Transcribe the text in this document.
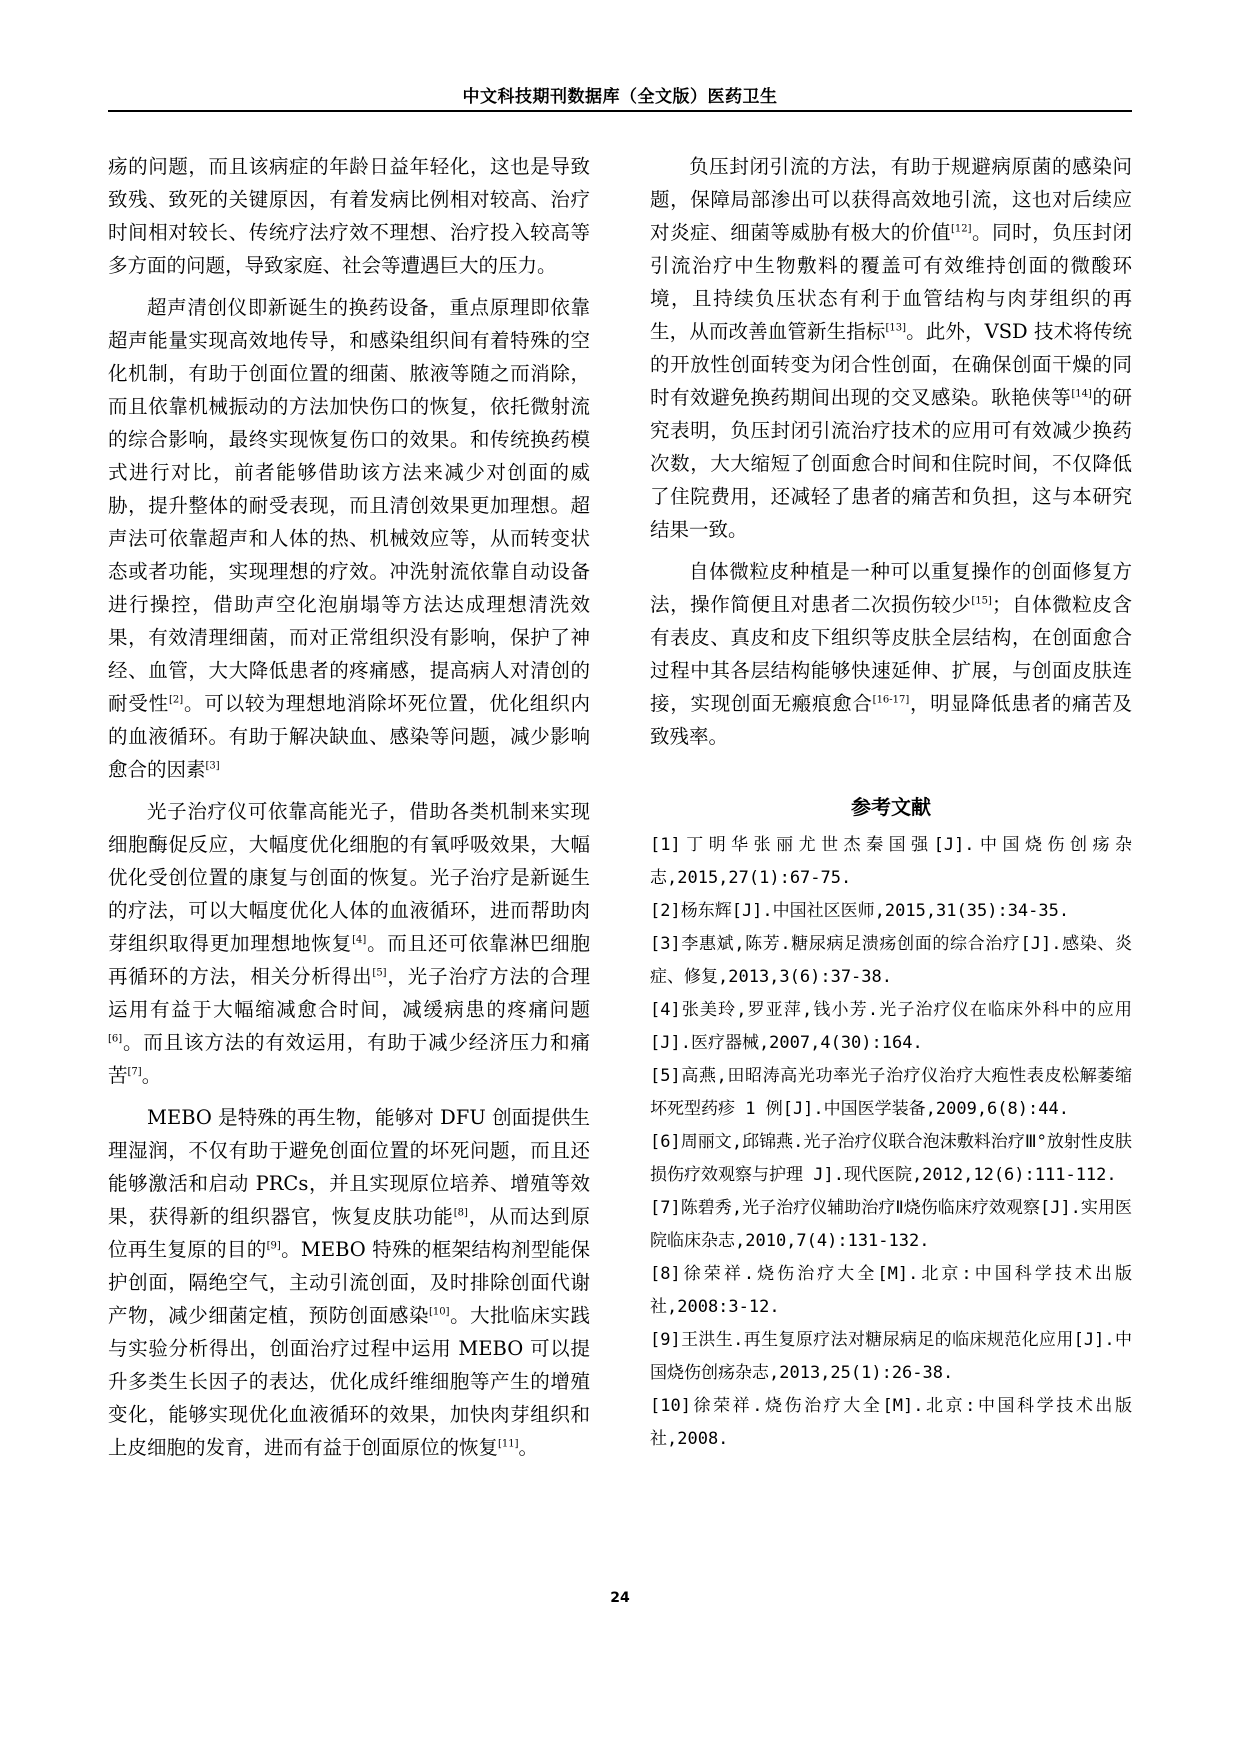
中文科技期刊数据库（全文版）医药卫生

疡的问题，而且该病症的年龄日益年轻化，这也是导致致残、致死的关键原因，有着发病比例相对较高、治疗时间相对较长、传统疗法疗效不理想、治疗投入较高等多方面的问题，导致家庭、社会等遭遇巨大的压力。

超声清创仪即新诞生的换药设备，重点原理即依靠超声能量实现高效地传导，和感染组织间有着特殊的空化机制，有助于创面位置的细菌、脓液等随之而消除，而且依靠机械振动的方法加快伤口的恢复，依托微射流的综合影响，最终实现恢复伤口的效果。和传统换药模式进行对比，前者能够借助该方法来减少对创面的威胁，提升整体的耐受表现，而且清创效果更加理想。超声法可依靠超声和人体的热、机械效应等，从而转变状态或者功能，实现理想的疗效。冲洗射流依靠自动设备进行操控，借助声空化泡崩塌等方法达成理想清洗效果，有效清理细菌，而对正常组织没有影响，保护了神经、血管，大大降低患者的疼痛感，提高病人对清创的耐受性[2]。可以较为理想地消除坏死位置，优化组织内的血液循环。有助于解决缺血、感染等问题，减少影响愈合的因素[3]

光子治疗仪可依靠高能光子，借助各类机制来实现细胞酶促反应，大幅度优化细胞的有氧呼吸效果，大幅优化受创位置的康复与创面的恢复。光子治疗是新诞生的疗法，可以大幅度优化人体的血液循环，进而帮助肉芽组织取得更加理想地恢复[4]。而且还可依靠淋巴细胞再循环的方法，相关分析得出[5]，光子治疗方法的合理运用有益于大幅缩减愈合时间，减缓病患的疼痛问题[6]。而且该方法的有效运用，有助于减少经济压力和痛苦[7]。

MEBO 是特殊的再生物，能够对 DFU 创面提供生理湿润，不仅有助于避免创面位置的坏死问题，而且还能够激活和启动 PRCs，并且实现原位培养、增殖等效果，获得新的组织器官，恢复皮肤功能[8]，从而达到原位再生复原的目的[9]。MEBO 特殊的框架结构剂型能保护创面，隔绝空气，主动引流创面，及时排除创面代谢产物，减少细菌定植，预防创面感染[10]。大批临床实践与实验分析得出，创面治疗过程中运用 MEBO 可以提升多类生长因子的表达，优化成纤维细胞等产生的增殖变化，能够实现优化血液循环的效果，加快肉芽组织和上皮细胞的发育，进而有益于创面原位的恢复[11]。

负压封闭引流的方法，有助于规避病原菌的感染问题，保障局部渗出可以获得高效地引流，这也对后续应对炎症、细菌等威胁有极大的价值[12]。同时，负压封闭引流治疗中生物敷料的覆盖可有效维持创面的微酸环境，且持续负压状态有利于血管结构与肉芽组织的再生，从而改善血管新生指标[13]。此外，VSD 技术将传统的开放性创面转变为闭合性创面，在确保创面干燥的同时有效避免换药期间出现的交叉感染。耿艳侠等[14]的研究表明，负压封闭引流治疗技术的应用可有效减少换药次数，大大缩短了创面愈合时间和住院时间，不仅降低了住院费用，还减轻了患者的痛苦和负担，这与本研究结果一致。

自体微粒皮种植是一种可以重复操作的创面修复方法，操作简便且对患者二次损伤较少[15]；自体微粒皮含有表皮、真皮和皮下组织等皮肤全层结构，在创面愈合过程中其各层结构能够快速延伸、扩展，与创面皮肤连接，实现创面无瘢痕愈合[16-17]，明显降低患者的痛苦及致残率。

参考文献
[1]丁明华张丽尤世杰秦国强[J].中国烧伤创疡杂志,2015,27(1):67-75.
[2]杨东辉[J].中国社区医师,2015,31(35):34-35.
[3]李惠斌,陈芳.糖尿病足溃疡创面的综合治疗[J].感染、炎症、修复,2013,3(6):37-38.
[4]张美玲,罗亚萍,钱小芳.光子治疗仪在临床外科中的应用[J].医疗器械,2007,4(30):164.
[5]高燕,田昭涛高光功率光子治疗仪治疗大疱性表皮松解萎缩坏死型药疹 1 例[J].中国医学装备,2009,6(8):44.
[6]周丽文,邱锦燕.光子治疗仪联合泡沫敷料治疗Ⅲ°放射性皮肤损伤疗效观察与护理 J].现代医院,2012,12(6):111-112.
[7]陈碧秀,光子治疗仪辅助治疗Ⅱ烧伤临床疗效观察[J].实用医院临床杂志,2010,7(4):131-132.
[8]徐荣祥.烧伤治疗大全[M].北京:中国科学技术出版社,2008:3-12.
[9]王洪生.再生复原疗法对糖尿病足的临床规范化应用[J].中国烧伤创疡杂志,2013,25(1):26-38.
[10]徐荣祥.烧伤治疗大全[M].北京:中国科学技术出版社,2008.
24
